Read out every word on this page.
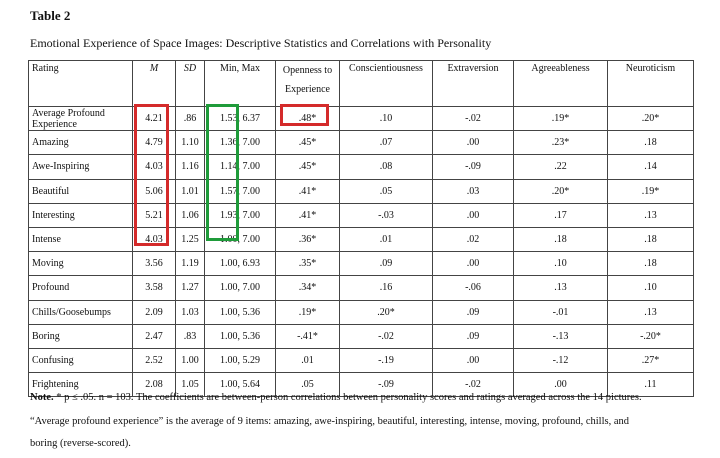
Table 2
Emotional Experience of Space Images: Descriptive Statistics and Correlations with Personality
Rating	M	SD	Min, Max	Openness to Experience	Conscientiousness	Extraversion	Agreeableness	Neuroticism
Average Profound Experience	4.21	.86	1.53, 6.37	.48*	.10	-.02	.19*	.20*
Amazing	4.79	1.10	1.36, 7.00	.45*	.07	.00	.23*	.18
Awe-Inspiring	4.03	1.16	1.14, 7.00	.45*	.08	-.09	.22	.14
Beautiful	5.06	1.01	1.57, 7.00	.41*	.05	.03	.20*	.19*
Interesting	5.21	1.06	1.93, 7.00	.41*	-.03	.00	.17	.13
Intense	4.03	1.25	1.00, 7.00	.36*	.01	.02	.18	.18
Moving	3.56	1.19	1.00, 6.93	.35*	.09	.00	.10	.18
Profound	3.58	1.27	1.00, 7.00	.34*	.16	-.06	.13	.10
Chills/Goosebumps	2.09	1.03	1.00, 5.36	.19*	.20*	.09	-.01	.13
Boring	2.47	.83	1.00, 5.36	-.41*	-.02	.09	-.13	-.20*
Confusing	2.52	1.00	1.00, 5.29	.01	-.19	.00	-.12	.27*
Frightening	2.08	1.05	1.00, 5.64	.05	-.09	-.02	.00	.11
Note. * p ≤ .05. n = 103. The coefficients are between-person correlations between personality scores and ratings averaged across the 14 pictures.
“Average profound experience” is the average of 9 items: amazing, awe-inspiring, beautiful, interesting, intense, moving, profound, chills, and
boring (reverse-scored).
